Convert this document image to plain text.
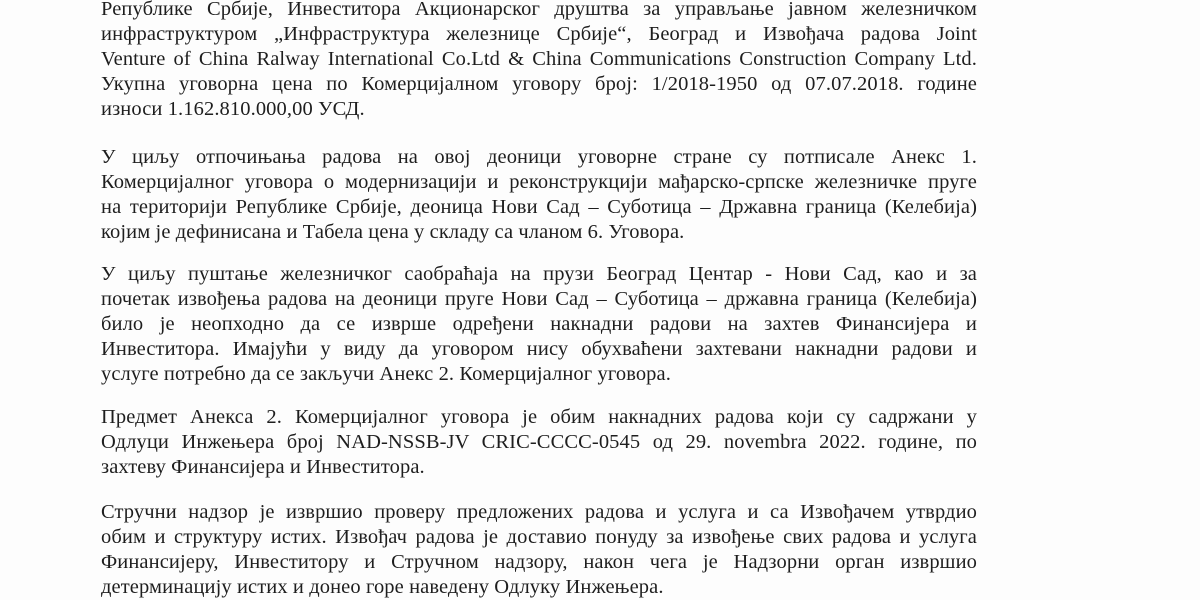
Републике Србије, Инвеститора Акционарског друштва за управљање јавном железничком
инфраструктуром „Инфраструктура железнице Србије“, Београд и Извођача радова Joint
Venture of China Ralway International Co.Ltd & China Communications Construction Company Ltd.
Укупна уговорна цена по Комерцијалном уговору број: 1/2018-1950 од 07.07.2018. године
износи 1.162.810.000,00 УСД.
У циљу отпочињања радова на овој деоници уговорне стране су потписале Анекс 1.
Комерцијалног уговора о модернизацији и реконструкцији мађарско-српске железничке пруге
на територији Републике Србије, деоница Нови Сад – Суботица – Државна граница (Келебија)
којим је дефинисана и Табела цена у складу са чланом 6. Уговора.
У циљу пуштање железничког саобраћаја на прузи Београд Центар - Нови Сад, као и за
почетак извођења радова на деоници пруге Нови Сад – Суботица – државна граница (Келебија)
било је неопходно да се изврше одређени накнадни радови на захтев Финансијера и
Инвеститора. Имајући у виду да уговором нису обухваћени захтевани накнадни радови и
услуге потребно да се закључи Анекс 2. Комерцијалног уговора.
Предмет Анекса 2. Комерцијалног уговора је обим накнадних радова који су садржани у
Одлуци Инжењера број NAD-NSSB-JV CRIC-CCCC-0545 од 29. novembra 2022. године, по
захтеву Финансијера и Инвеститора.
Стручни надзор је извршио проверу предложених радова и услуга и са Извођачем утврдио
обим и структуру истих. Извођач радова је доставио понуду за извођење свих радова и услуга
Финансијеру, Инвеститору и Стручном надзору, након чега је Надзорни орган извршио
детерминацију истих и донео горе наведену Одлуку Инжењера.
